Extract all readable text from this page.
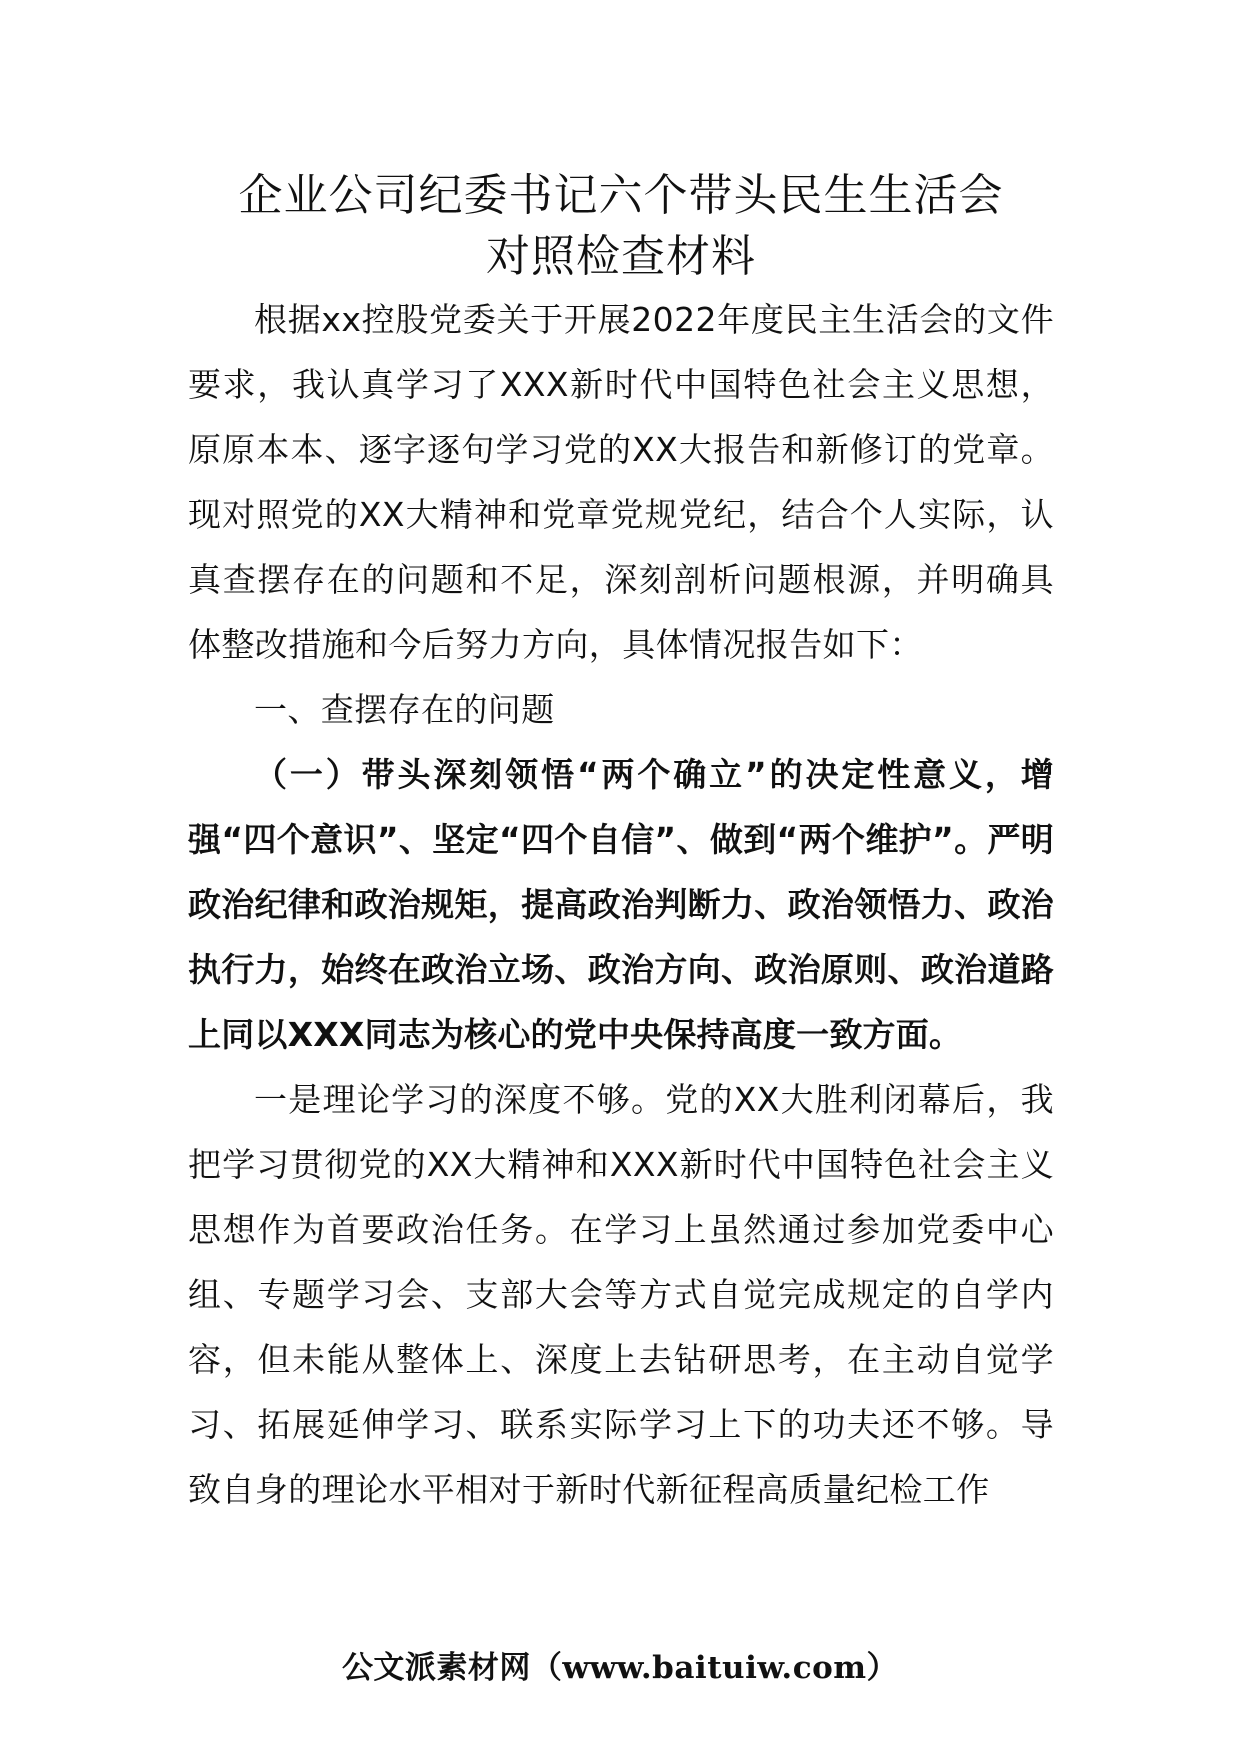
企业公司纪委书记六个带头民生生活会
对照检查材料

根据xx控股党委关于开展2022年度民主生活会的文件要求，我认真学习了XXX新时代中国特色社会主义思想，原原本本、逐字逐句学习党的XX大报告和新修订的党章。现对照党的XX大精神和党章党规党纪，结合个人实际，认真查摆存在的问题和不足，深刻剖析问题根源，并明确具体整改措施和今后努力方向，具体情况报告如下：

一、查摆存在的问题

（一）带头深刻领悟“两个确立”的决定性意义，增强“四个意识”、坚定“四个自信”、做到“两个维护”。严明政治纪律和政治规矩，提高政治判断力、政治领悟力、政治执行力，始终在政治立场、政治方向、政治原则、政治道路上同以XXX同志为核心的党中央保持高度一致方面。

一是理论学习的深度不够。党的XX大胜利闭幕后，我把学习贯彻党的XX大精神和XXX新时代中国特色社会主义思想作为首要政治任务。在学习上虽然通过参加党委中心组、专题学习会、支部大会等方式自觉完成规定的自学内容，但未能从整体上、深度上去钻研思考，在主动自觉学习、拓展延伸学习、联系实际学习上下的功夫还不够。导致自身的理论水平相对于新时代新征程高质量纪检工作

公文派素材网（www.baituiw.com）
